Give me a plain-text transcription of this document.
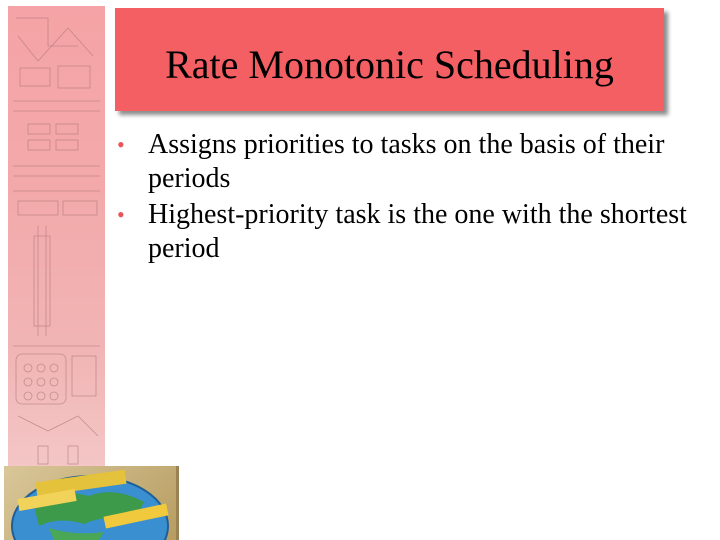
Rate Monotonic Scheduling
• Assigns priorities to tasks on the basis of their periods
• Highest-priority task is the one with the shortest period
